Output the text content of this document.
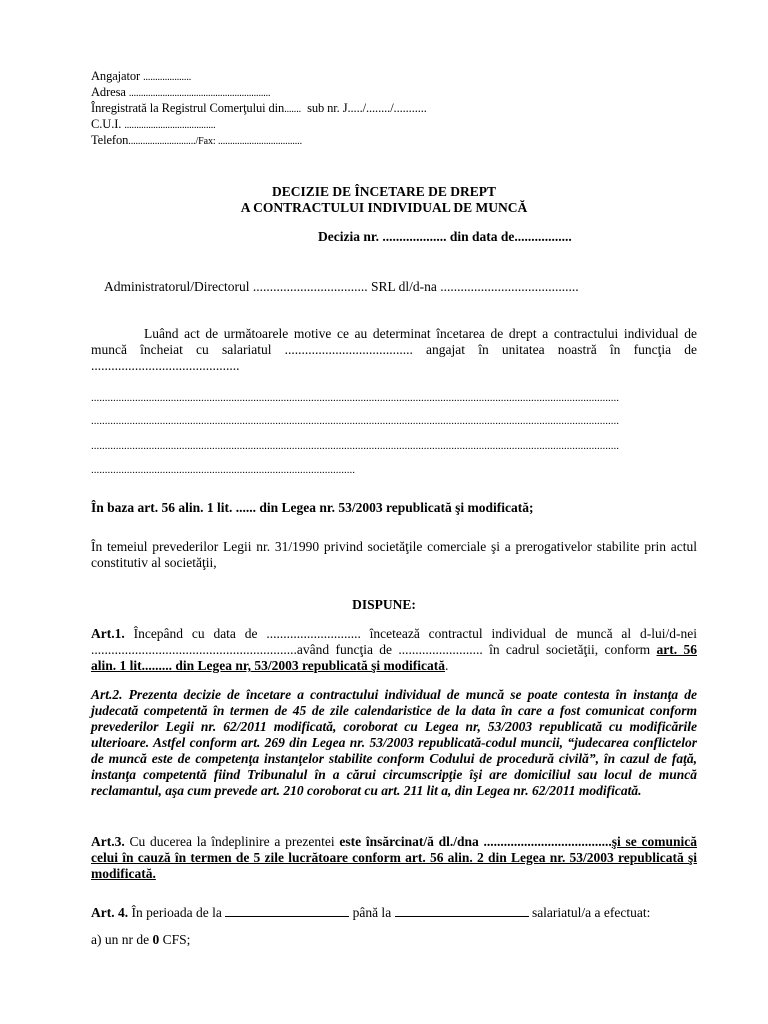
Angajator ....................
Adresa ...........................................................
Înregistrată la Registrul Comerţului din....... sub nr. J...../......../...........
C.U.I. ......................................
Telefon............................/Fax: ...................................
DECIZIE DE ÎNCETARE DE DREPT
A CONTRACTULUI INDIVIDUAL DE MUNCĂ
Decizia nr. ................... din data de.................
Administratorul/Directorul .................................. SRL dl/d-na .........................................
Luând act de următoarele motive ce au determinat încetarea de drept a contractului individual de muncă încheiat cu salariatul ...................................... angajat în unitatea noastră în funcţia de ............................................
................................................................................................................................................................................................
................................................................................................................................................................................................
................................................................................................................................................................................................
................................................................................................
În baza art. 56 alin. 1 lit. ...... din Legea nr. 53/2003 republicată şi modificată;
În temeiul prevederilor Legii nr. 31/1990 privind societăţile comerciale şi a prerogativelor stabilite prin actul constitutiv al societăţii,
DISPUNE:
Art.1. Începând cu data de ............................ încetează contractul individual de muncă al d-lui/d-nei .............................................................având funcţia de ......................... în cadrul societăţii, conform art. 56 alin. 1 lit......... din Legea nr, 53/2003 republicată şi modificată.
Art.2. Prezenta decizie de încetare a contractului individual de muncă se poate contesta în instanţa de judecată competentă în termen de 45 de zile calendaristice de la data în care a fost comunicat conform prevederilor Legii nr. 62/2011 modificată, coroborat cu Legea nr, 53/2003 republicată cu modificările ulterioare. Astfel conform art. 269 din Legea nr. 53/2003 republicată-codul muncii, “judecarea conflictelor de muncă este de competenţa instanţelor stabilite conform Codului de procedură civilă”, în cazul de faţă, instanţa competentă fiind Tribunalul în a cărui circumscripţie îşi are domiciliul sau locul de muncă reclamantul, aşa cum prevede art. 210 coroborat cu art. 211 lit a, din Legea nr. 62/2011 modificată.
Art.3. Cu ducerea la îndeplinire a prezentei este însărcinat/ă dl./dna ......................................şi se comunică celui în cauză în termen de 5 zile lucrătoare conform art. 56 alin. 2 din Legea nr. 53/2003 republicată şi modificată.
Art. 4. În perioada de la	până la	salariatul/a a efectuat:
a) un nr de 0 CFS;
